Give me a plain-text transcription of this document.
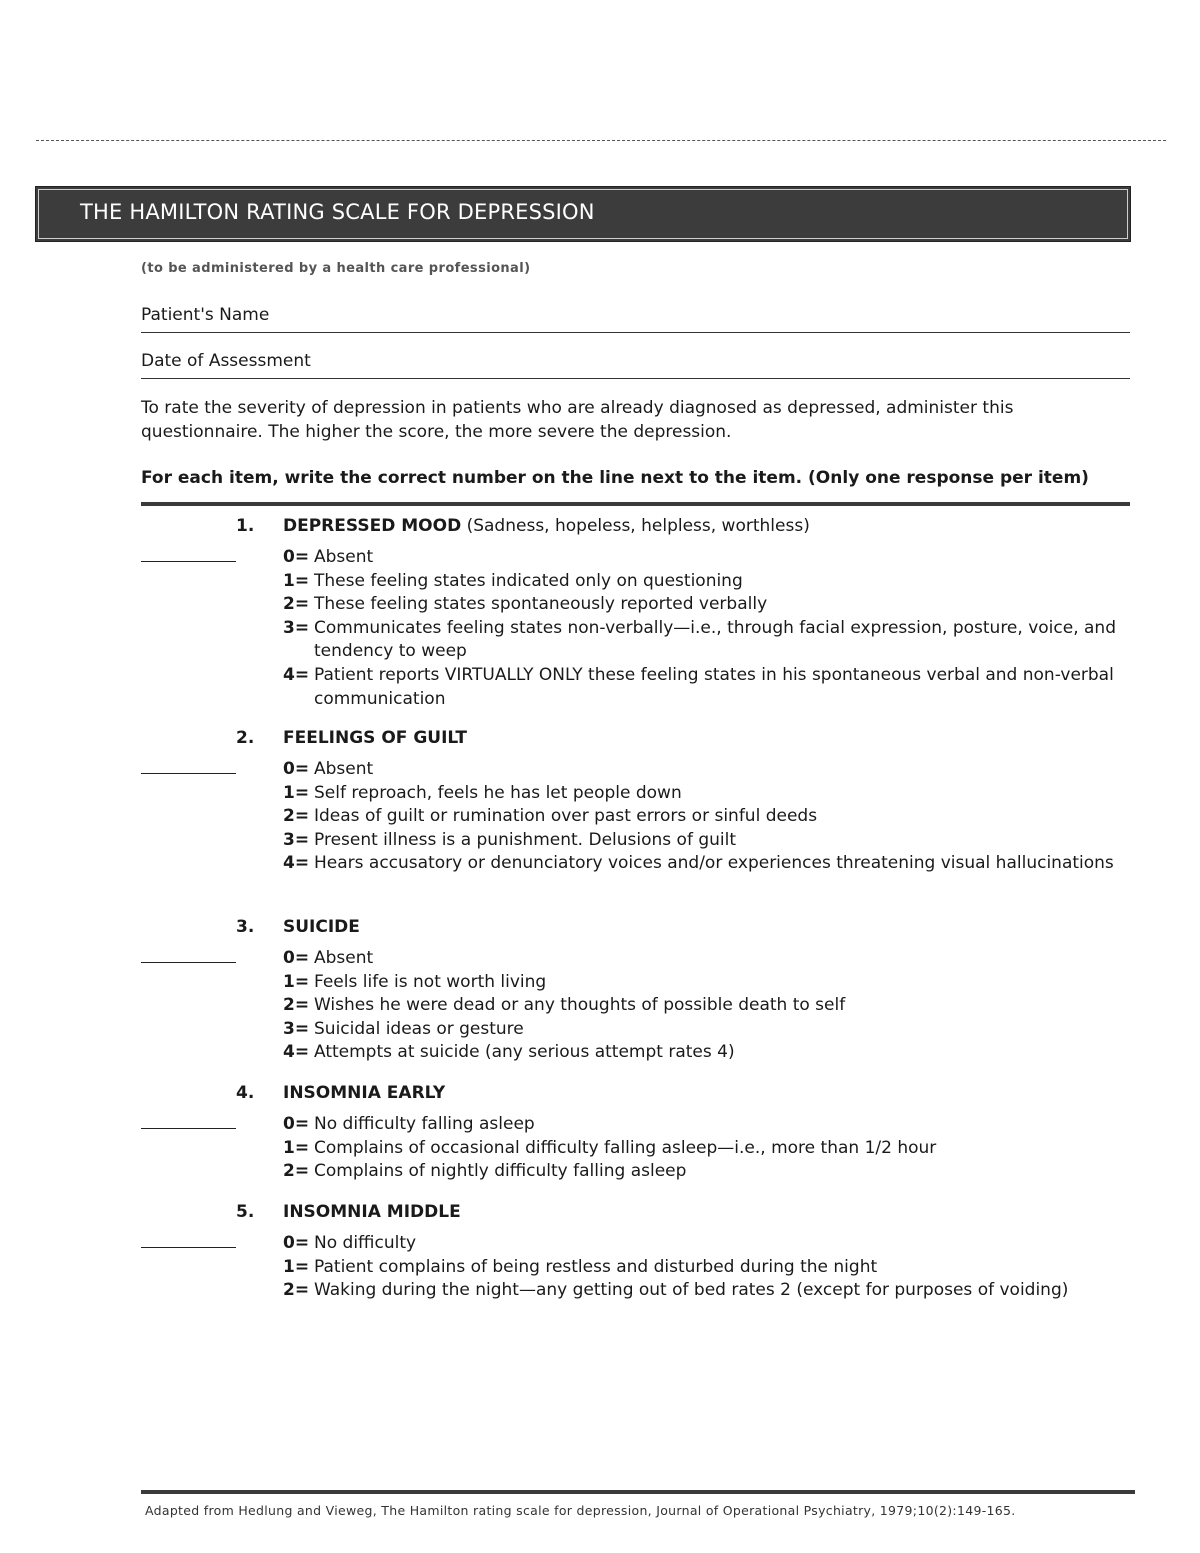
THE HAMILTON RATING SCALE FOR DEPRESSION
(to be administered by a health care professional)
Patient's Name
Date of Assessment
To rate the severity of depression in patients who are already diagnosed as depressed, administer this questionnaire. The higher the score, the more severe the depression.
For each item, write the correct number on the line next to the item. (Only one response per item)
1. DEPRESSED MOOD (Sadness, hopeless, helpless, worthless)
0= Absent
1= These feeling states indicated only on questioning
2= These feeling states spontaneously reported verbally
3= Communicates feeling states non-verbally—i.e., through facial expression, posture, voice, and tendency to weep
4= Patient reports VIRTUALLY ONLY these feeling states in his spontaneous verbal and non-verbal communication
2. FEELINGS OF GUILT
0= Absent
1= Self reproach, feels he has let people down
2= Ideas of guilt or rumination over past errors or sinful deeds
3= Present illness is a punishment. Delusions of guilt
4= Hears accusatory or denunciatory voices and/or experiences threatening visual hallucinations
3. SUICIDE
0= Absent
1= Feels life is not worth living
2= Wishes he were dead or any thoughts of possible death to self
3= Suicidal ideas or gesture
4= Attempts at suicide (any serious attempt rates 4)
4. INSOMNIA EARLY
0= No difficulty falling asleep
1= Complains of occasional difficulty falling asleep—i.e., more than 1/2 hour
2= Complains of nightly difficulty falling asleep
5. INSOMNIA MIDDLE
0= No difficulty
1= Patient complains of being restless and disturbed during the night
2= Waking during the night—any getting out of bed rates 2 (except for purposes of voiding)
Adapted from Hedlung and Vieweg, The Hamilton rating scale for depression, Journal of Operational Psychiatry, 1979;10(2):149-165.
